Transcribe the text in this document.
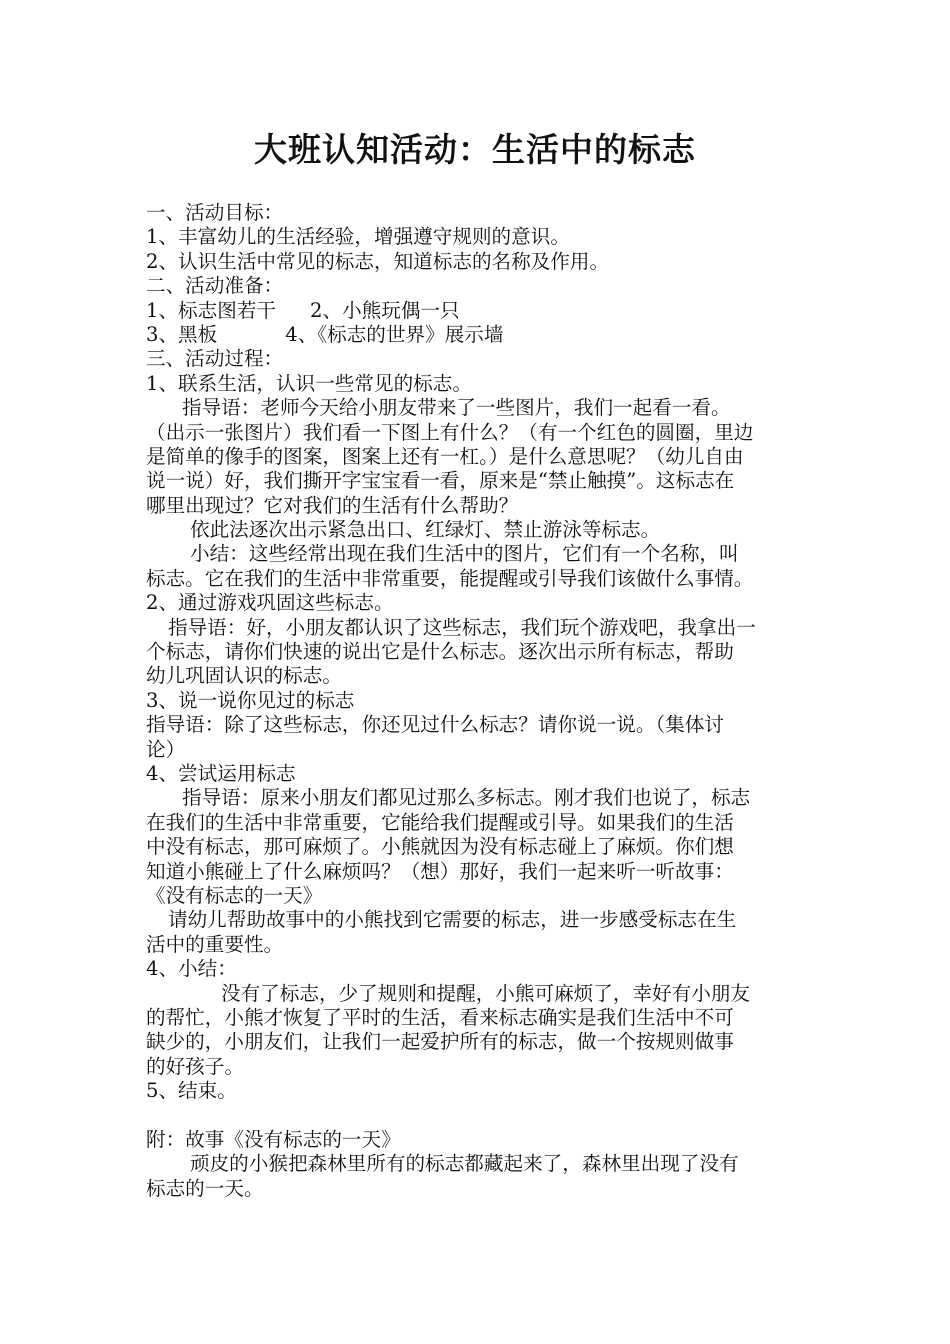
大班认知活动：生活中的标志
一、活动目标：
1、丰富幼儿的生活经验，增强遵守规则的意识。
2、认识生活中常见的标志，知道标志的名称及作用。
二、活动准备：
1、标志图若干 2、小熊玩偶一只
3、黑板	4、《标志的世界》展示墙
三、活动过程：
1、联系生活，认识一些常见的标志。
指导语：老师今天给小朋友带来了一些图片，我们一起看一看。
（出示一张图片）我们看一下图上有什么？（有一个红色的圆圈，里边
是简单的像手的图案，图案上还有一杠。）是什么意思呢？（幼儿自由
说一说）好，我们撕开字宝宝看一看，原来是“禁止触摸”。这标志在
哪里出现过？它对我们的生活有什么帮助？
依此法逐次出示紧急出口、红绿灯、禁止游泳等标志。
小结：这些经常出现在我们生活中的图片，它们有一个名称，叫
标志。它在我们的生活中非常重要，能提醒或引导我们该做什么事情。
2、通过游戏巩固这些标志。
指导语：好，小朋友都认识了这些标志，我们玩个游戏吧，我拿出一
个标志，请你们快速的说出它是什么标志。逐次出示所有标志，帮助
幼儿巩固认识的标志。
3、说一说你见过的标志
指导语：除了这些标志，你还见过什么标志？请你说一说。（集体讨
论）
4、尝试运用标志
指导语：原来小朋友们都见过那么多标志。刚才我们也说了，标志
在我们的生活中非常重要，它能给我们提醒或引导。如果我们的生活
中没有标志，那可麻烦了。小熊就因为没有标志碰上了麻烦。你们想
知道小熊碰上了什么麻烦吗？（想）那好，我们一起来听一听故事：
《没有标志的一天》
请幼儿帮助故事中的小熊找到它需要的标志，进一步感受标志在生
活中的重要性。
4、小结：
没有了标志，少了规则和提醒，小熊可麻烦了，幸好有小朋友
的帮忙，小熊才恢复了平时的生活，看来标志确实是我们生活中不可
缺少的，小朋友们，让我们一起爱护所有的标志，做一个按规则做事
的好孩子。
5、结束。
附：故事《没有标志的一天》
顽皮的小猴把森林里所有的标志都藏起来了，森林里出现了没有
标志的一天。
